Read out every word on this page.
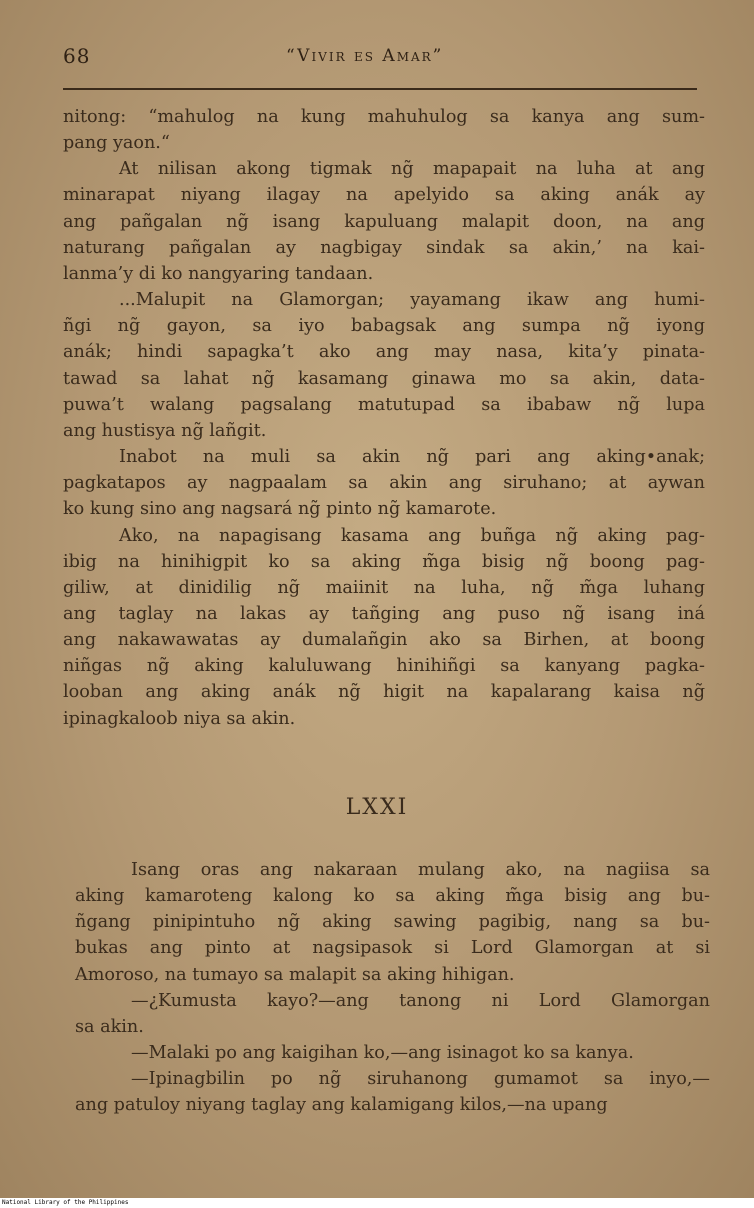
68	“Vivir es Amar”
nitong: “mahulog na kung mahuhulog sa kanya ang sum-
pang yaon.“
At nilisan akong tigmak ng̃ mapapait na luha at ang
minarapat niyang ilagay na apelyido sa aking anák ay
ang pañgalan ng̃ isang kapuluang malapit doon, na ang
naturang pañgalan ay nagbigay sindak sa akin,’ na kai-
lanma’y di ko nangyaring tandaan.
...Malupit na Glamorgan; yayamang ikaw ang humi-
ñgi ng̃ gayon, sa iyo babagsak ang sumpa ng̃ iyong
anák; hindi sapagka’t ako ang may nasa, kita’y pinata-
tawad sa lahat ng̃ kasamang ginawa mo sa akin, data-
puwa’t walang pagsalang matutupad sa ibabaw ng̃ lupa
ang hustisya ng̃ lañgit.
Inabot na muli sa akin ng̃ pari ang aking•anak;
pagkatapos ay nagpaalam sa akin ang siruhano; at aywan
ko kung sino ang nagsará ng̃ pinto ng̃ kamarote.
Ako, na napagisang kasama ang buñga ng̃ aking pag-
ibig na hinihigpit ko sa aking m̃ga bisig ng̃ boong pag-
giliw, at dinidilig ng̃ maiinit na luha, ng̃ m̃ga luhang
ang taglay na lakas ay tañging ang puso ng̃ isang iná
ang nakawawatas ay dumalañgin ako sa Birhen, at boong
niñgas ng̃ aking kaluluwang hinihiñgi sa kanyang pagka-
looban ang aking anák ng̃ higit na kapalarang kaisa ng̃
ipinagkaloob niya sa akin.
LXXI
Isang oras ang nakaraan mulang ako, na nagiisa sa
aking kamaroteng kalong ko sa aking m̃ga bisig ang bu-
ñgang pinipintuho ng̃ aking sawing pagibig, nang sa bu-
bukas ang pinto at nagsipasok si Lord Glamorgan at si
Amoroso, na tumayo sa malapit sa aking hihigan.
—¿Kumusta kayo?—ang tanong ni Lord Glamorgan
sa akin.
—Malaki po ang kaigihan ko,—ang isinagot ko sa kanya.
—Ipinagbilin po ng̃ siruhanong gumamot sa inyo,—
ang patuloy niyang taglay ang kalamigang kilos,—na upang
National Library of the Philippines
